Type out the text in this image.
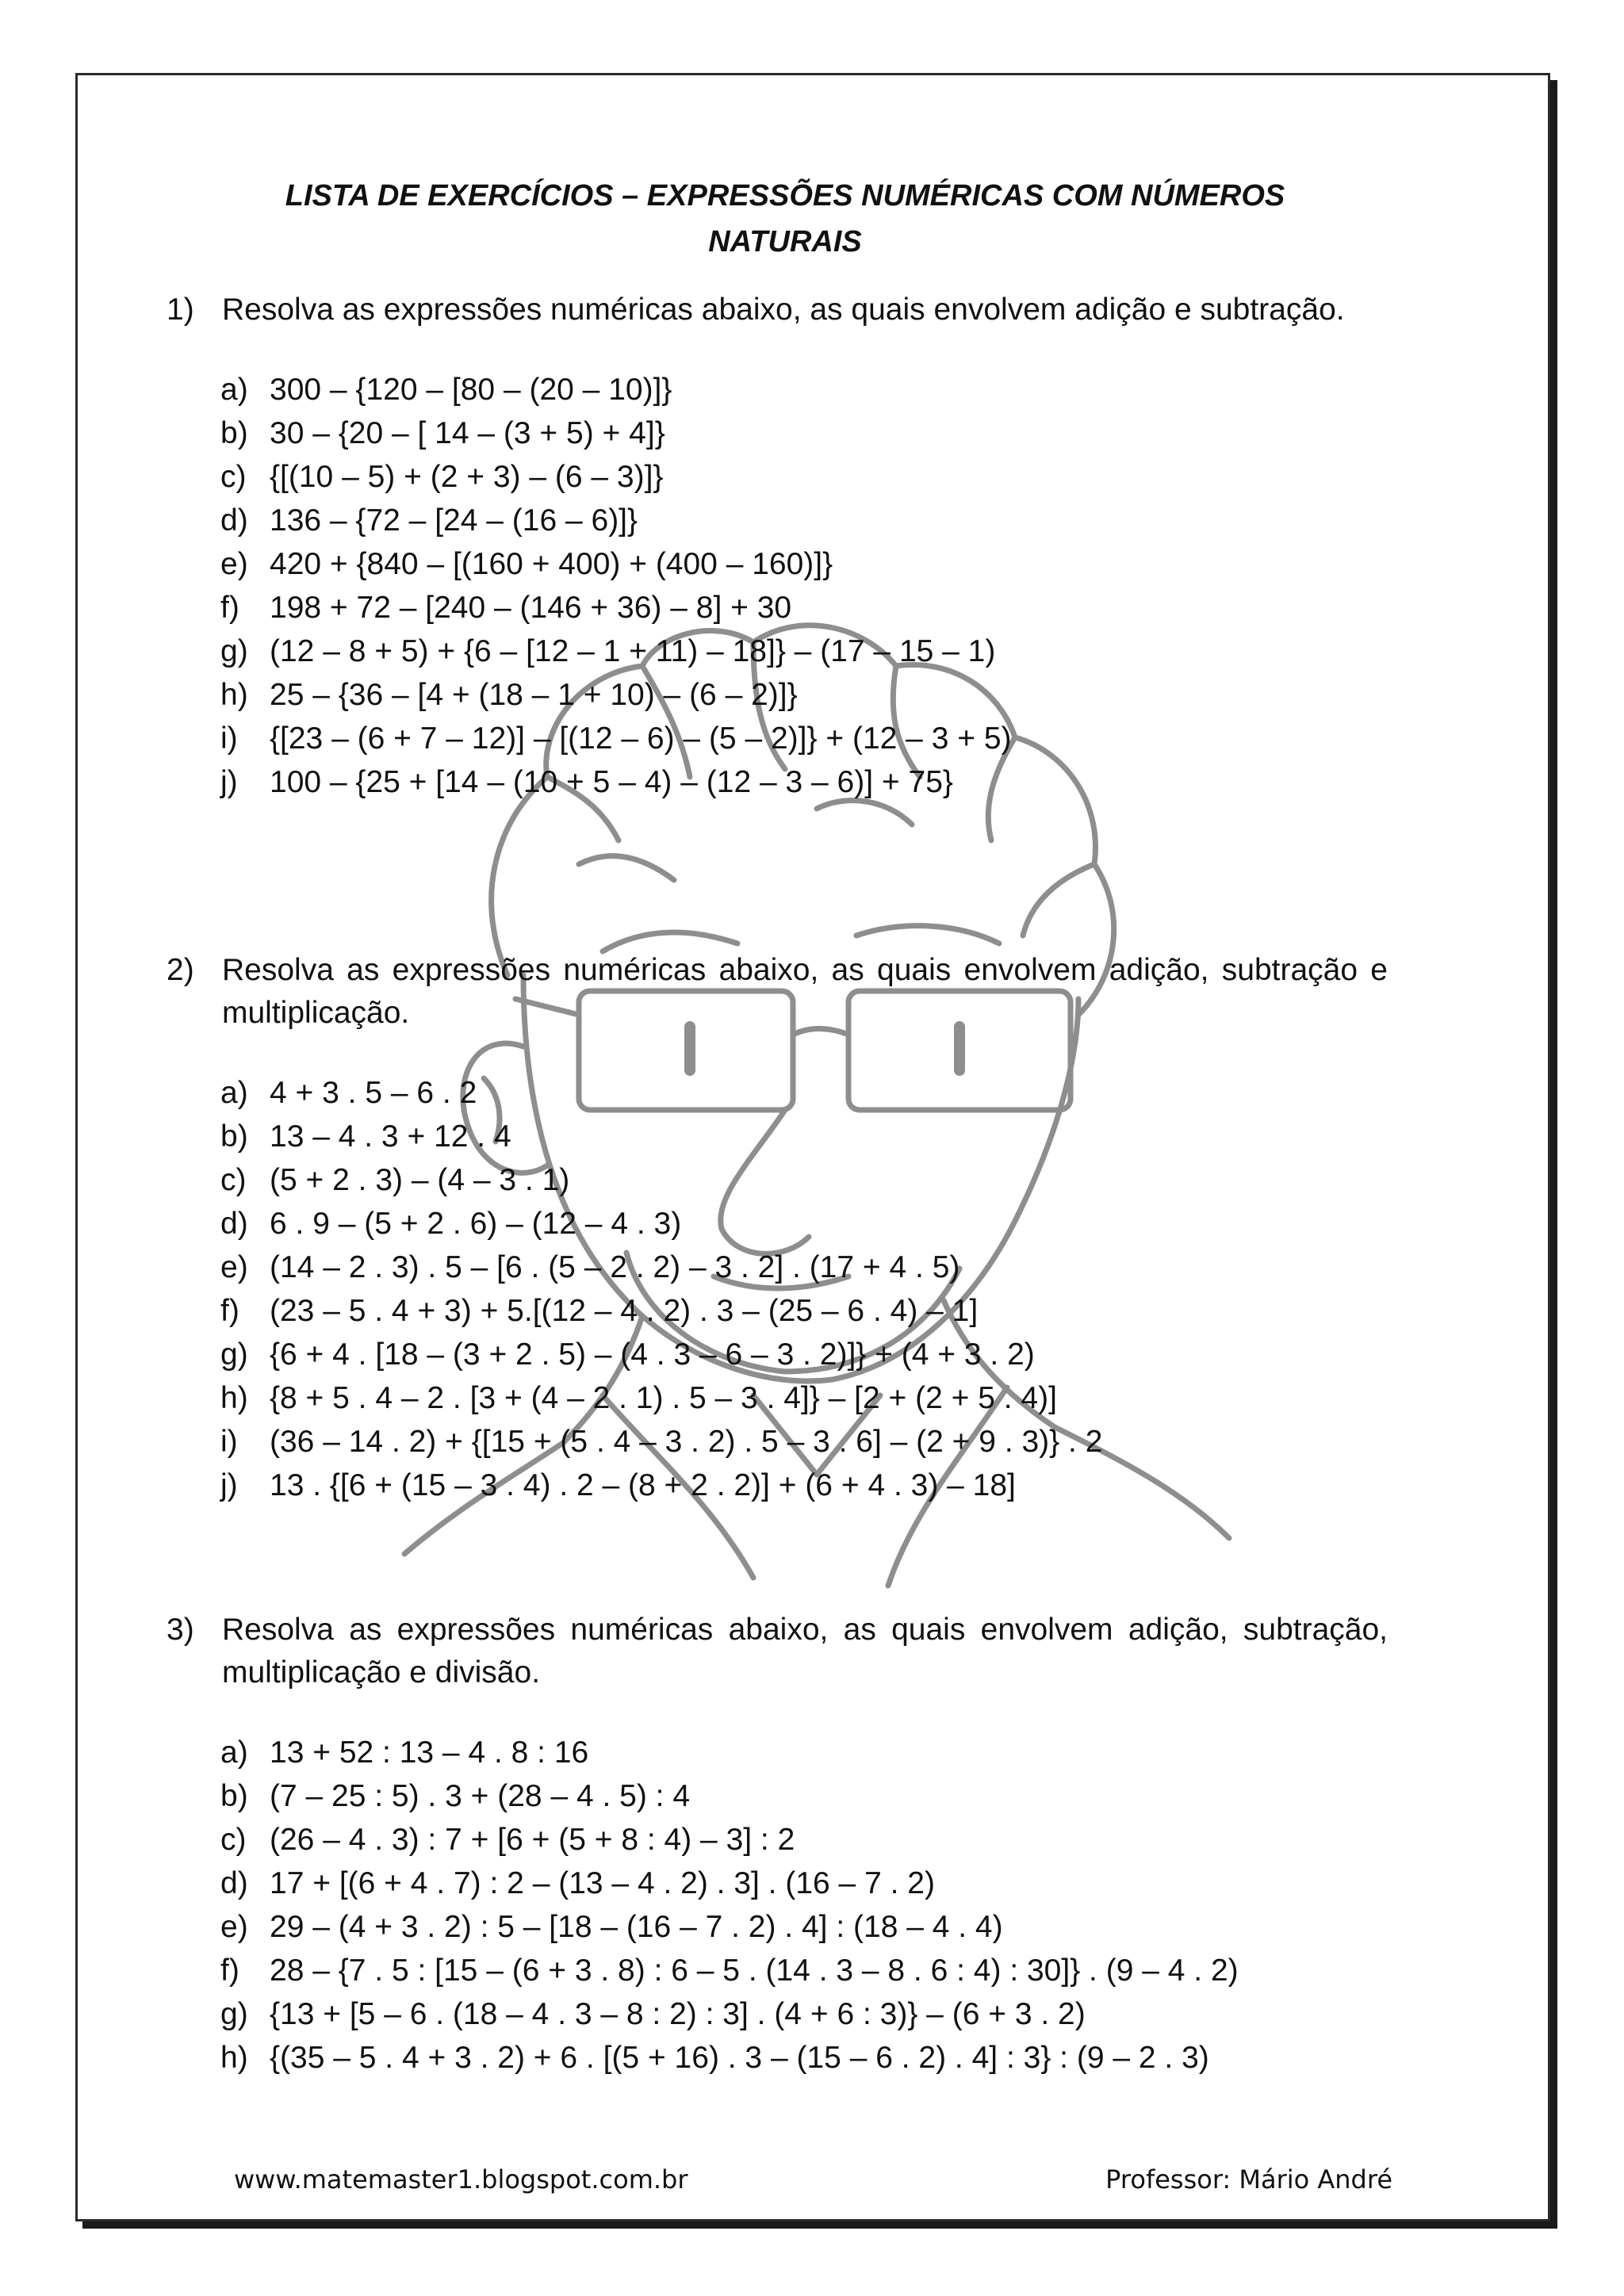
LISTA DE EXERCÍCIOS – EXPRESSÕES NUMÉRICAS COM NÚMEROS
NATURAIS
1) Resolva as expressões numéricas abaixo, as quais envolvem adição e subtração.
a) 300 – {120 – [80 – (20 – 10)]}
b) 30 – {20 – [ 14 – (3 + 5) + 4]}
c) {[(10 – 5) + (2 + 3) – (6 – 3)]}
d) 136 – {72 – [24 – (16 – 6)]}
e) 420 + {840 – [(160 + 400) + (400 – 160)]}
f) 198 + 72 – [240 – (146 + 36) – 8] + 30
g) (12 – 8 + 5) + {6 – [12 – 1 + 11) – 18]} – (17 – 15 – 1)
h) 25 – {36 – [4 + (18 – 1 + 10) – (6 – 2)]}
i)	{[23 – (6 + 7 – 12)] – [(12 – 6) – (5 – 2)]} + (12 – 3 + 5)
j)	100 – {25 + [14 – (10 + 5 – 4) – (12 – 3 – 6)] + 75}
2) Resolva as expressões numéricas abaixo, as quais envolvem adição, subtração e multiplicação.
a) 4 + 3 . 5 – 6 . 2
b) 13 – 4 . 3 + 12 . 4
c) (5 + 2 . 3) – (4 – 3 . 1)
d) 6 . 9 – (5 + 2 . 6) – (12 – 4 . 3)
e) (14 – 2 . 3) . 5 – [6 . (5 – 2 . 2) – 3 . 2] . (17 + 4 . 5)
f) (23 – 5 . 4 + 3) + 5.[(12 – 4 . 2) . 3 – (25 – 6 . 4) – 1]
g) {6 + 4 . [18 – (3 + 2 . 5) – (4 . 3 – 6 – 3 . 2)]} + (4 + 3 . 2)
h) {8 + 5 . 4 – 2 . [3 + (4 – 2 . 1) . 5 – 3 . 4]} – [2 + (2 + 5 . 4)]
i)	(36 – 14 . 2) + {[15 + (5 . 4 – 3 . 2) . 5 – 3 . 6] – (2 + 9 . 3)} . 2
j)	13 . {[6 + (15 – 3 . 4) . 2 – (8 + 2 . 2)] + (6 + 4 . 3) – 18]
3) Resolva as expressões numéricas abaixo, as quais envolvem adição, subtração, multiplicação e divisão.
a) 13 + 52 : 13 – 4 . 8 : 16
b) (7 – 25 : 5) . 3 + (28 – 4 . 5) : 4
c) (26 – 4 . 3) : 7 + [6 + (5 + 8 : 4) – 3] : 2
d) 17 + [(6 + 4 . 7) : 2 – (13 – 4 . 2) . 3] . (16 – 7 . 2)
e) 29 – (4 + 3 . 2) : 5 – [18 – (16 – 7 . 2) . 4] : (18 – 4 . 4)
f) 28 – {7 . 5 : [15 – (6 + 3 . 8) : 6 – 5 . (14 . 3 – 8 . 6 : 4) : 30]} . (9 – 4 . 2)
g) {13 + [5 – 6 . (18 – 4 . 3 – 8 : 2) : 3] . (4 + 6 : 3)} – (6 + 3 . 2)
h) {(35 – 5 . 4 + 3 . 2) + 6 . [(5 + 16) . 3 – (15 – 6 . 2) . 4] : 3} : (9 – 2 . 3)
www.matemaster1.blogspot.com.br	Professor: Mário André
